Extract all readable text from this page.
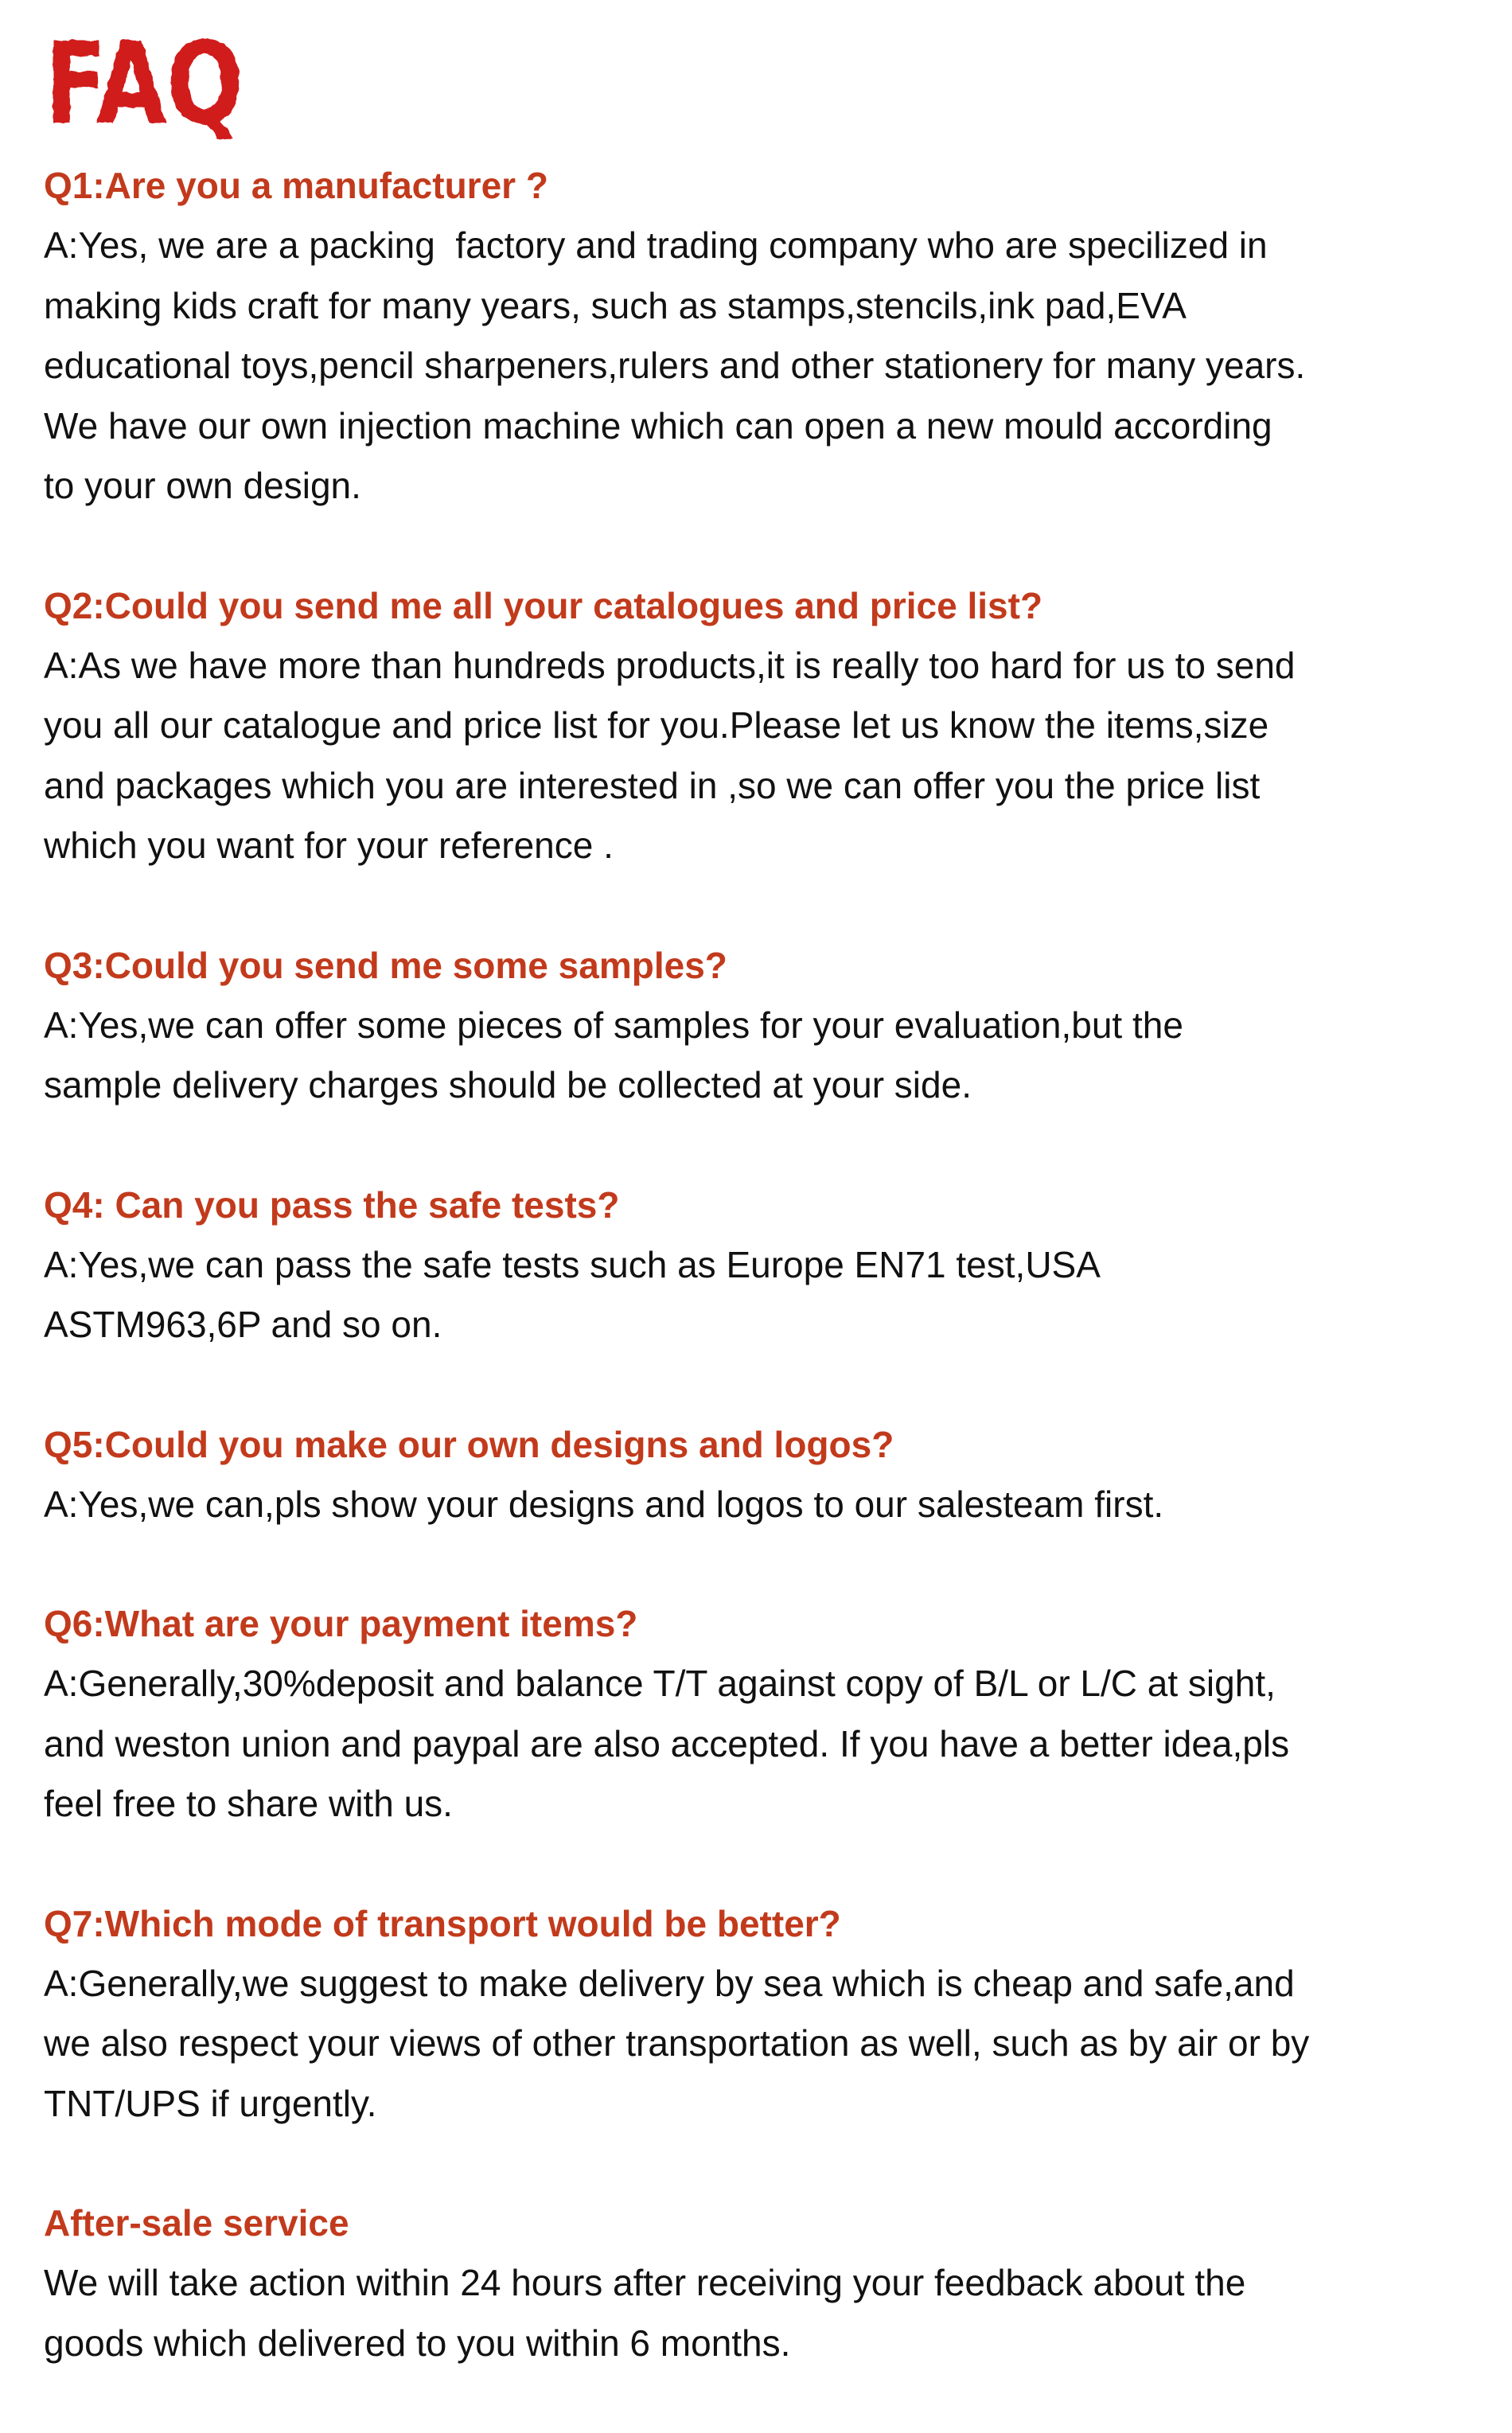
FAQ
Q1:Are you a manufacturer ?
A:Yes, we are a packing  factory and trading company who are specilized in
making kids craft for many years, such as stamps,stencils,ink pad,EVA
educational toys,pencil sharpeners,rulers and other stationery for many years.
We have our own injection machine which can open a new mould according
to your own design.
Q2:Could you send me all your catalogues and price list?
A:As we have more than hundreds products,it is really too hard for us to send
you all our catalogue and price list for you.Please let us know the items,size
and packages which you are interested in ,so we can offer you the price list
which you want for your reference .
Q3:Could you send me some samples?
A:Yes,we can offer some pieces of samples for your evaluation,but the
sample delivery charges should be collected at your side.
Q4: Can you pass the safe tests?
A:Yes,we can pass the safe tests such as Europe EN71 test,USA
ASTM963,6P and so on.
Q5:Could you make our own designs and logos?
A:Yes,we can,pls show your designs and logos to our salesteam first.
Q6:What are your payment items?
A:Generally,30%deposit and balance T/T against copy of B/L or L/C at sight,
and weston union and paypal are also accepted. If you have a better idea,pls
feel free to share with us.
Q7:Which mode of transport would be better?
A:Generally,we suggest to make delivery by sea which is cheap and safe,and
we also respect your views of other transportation as well, such as by air or by
TNT/UPS if urgently.
After-sale service
We will take action within 24 hours after receiving your feedback about the
goods which delivered to you within 6 months.
